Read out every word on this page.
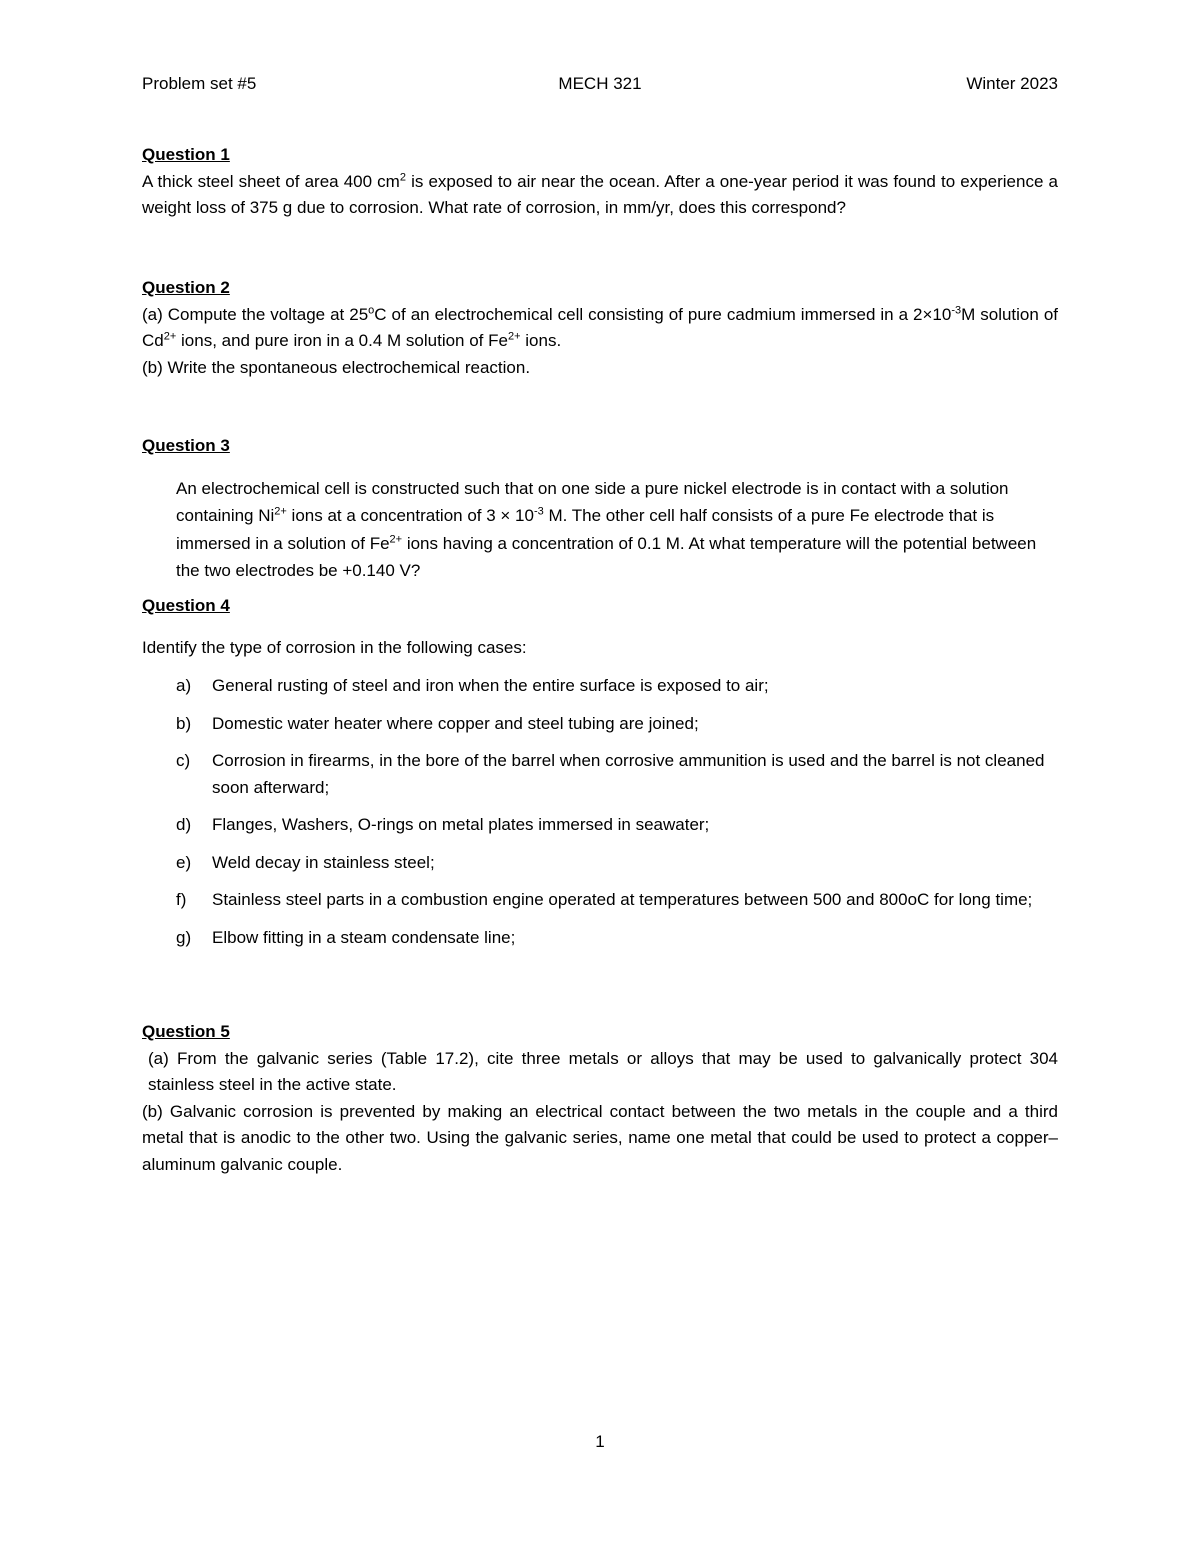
Problem set #5	MECH 321	Winter 2023
Question 1

A thick steel sheet of area 400 $cm^2$ is exposed to air near the ocean. After a one-year period it was found to experience a weight loss of 375 g due to corrosion. What rate of corrosion, in mm/yr, does this correspond?

Question 2

(a) Compute the voltage at 25$^o$C of an electrochemical cell consisting of pure cadmium immersed in a $2\times 10^{-3}M$ solution of $Cd^{2+}$ ions, and pure iron in a 0.4 M solution of $Fe^{2+}$ ions.

(b) Write the spontaneous electrochemical reaction.

Question 3

An electrochemical cell is constructed such that on one side a pure nickel electrode is in contact with a solution containing $Ni^{2+}$ ions at a concentration of $3 \times 10^{-3}$ M. The other cell half consists of a pure Fe electrode that is immersed in a solution of $Fe^{2+}$ ions having a concentration of 0.1 M. At what temperature will the potential between the two electrodes be +0.140 V?

Question 4

Identify the type of corrosion in the following cases:

a) General rusting of steel and iron when the entire surface is exposed to air;
b) Domestic water heater where copper and steel tubing are joined;
c) Corrosion in firearms, in the bore of the barrel when corrosive ammunition is used and the barrel is not cleaned soon afterward;
d) Flanges, Washers, O-rings on metal plates immersed in seawater;
e) Weld decay in stainless steel;
f) Stainless steel parts in a combustion engine operated at temperatures between 500 and 800oC for long time;
g) Elbow fitting in a steam condensate line;
Question 5

(a) From the galvanic series (Table 17.2), cite three metals or alloys that may be used to galvanically protect 304 stainless steel in the active state.

(b) Galvanic corrosion is prevented by making an electrical contact between the two metals in the couple and a third metal that is anodic to the other two. Using the galvanic series, name one metal that could be used to protect a copper–aluminum galvanic couple.

1
